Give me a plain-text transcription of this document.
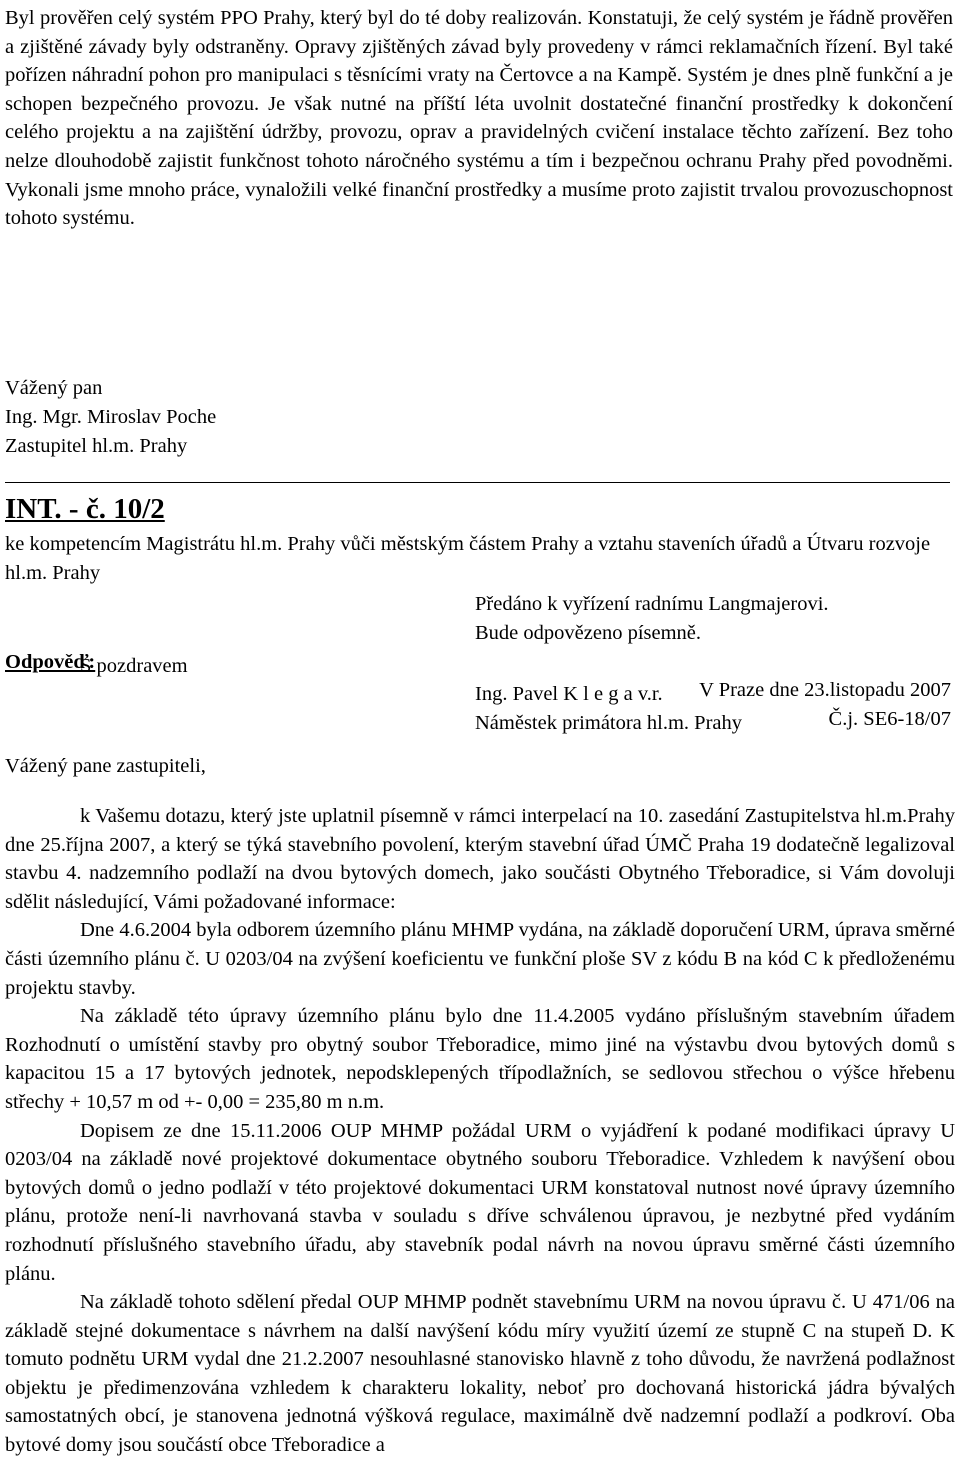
Byl prověřen celý systém PPO Prahy, který byl do té doby realizován. Konstatuji, že celý systém je řádně prověřen a zjištěné závady byly odstraněny. Opravy zjištěných závad byly provedeny v rámci reklamačních řízení. Byl také pořízen náhradní pohon pro manipulaci s těsnícími vraty na Čertovce a na Kampě. Systém je dnes plně funkční a je schopen bezpečného provozu. Je však nutné na příští léta uvolnit dostatečné finanční prostředky k dokončení celého projektu a na zajištění údržby, provozu, oprav a pravidelných cvičení instalace těchto zařízení. Bez toho nelze dlouhodobě zajistit funkčnost tohoto náročného systému a tím i bezpečnou ochranu Prahy před povodněmi. Vykonali jsme mnoho práce, vynaložili velké finanční prostředky a musíme proto zajistit trvalou provozuschopnost tohoto systému.

S pozdravem
Ing. Pavel K l e g a v.r.
Náměstek primátora hl.m. Prahy
Vážený pan
Ing. Mgr. Miroslav Poche
Zastupitel hl.m. Prahy
INT. - č. 10/2
ke kompetencím Magistrátu hl.m. Prahy vůči městským částem Prahy a vztahu staveních úřadů a Útvaru rozvoje hl.m. Prahy
Předáno k vyřízení radnímu Langmajerovi.
Bude odpovězeno písemně.
Odpověď:
V Praze dne 23.listopadu 2007
Č.j. SE6-18/07
Vážený pane zastupiteli,

k Vašemu dotazu, který jste uplatnil písemně v rámci interpelací na 10. zasedání Zastupitelstva hl.m.Prahy dne 25.října 2007, a který se týká stavebního povolení, kterým stavební úřad ÚMČ Praha 19 dodatečně legalizoval stavbu 4. nadzemního podlaží na dvou bytových domech, jako součásti Obytného Třeboradice, si Vám dovoluji sdělit následující, Vámi požadované informace:

Dne 4.6.2004 byla odborem územního plánu MHMP vydána, na základě doporučení URM, úprava směrné části územního plánu č. U 0203/04 na zvýšení koeficientu ve funkční ploše SV z kódu B na kód C k předloženému projektu stavby.

Na základě této úpravy územního plánu bylo dne 11.4.2005 vydáno příslušným stavebním úřadem Rozhodnutí o umístění stavby pro obytný soubor Třeboradice, mimo jiné na výstavbu dvou bytových domů s kapacitou 15 a 17 bytových jednotek, nepodsklepených třípodlažních, se sedlovou střechou o výšce hřebenu střechy + 10,57 m od +- 0,00 = 235,80 m n.m.

Dopisem ze dne 15.11.2006 OUP MHMP požádal URM o vyjádření k podané modifikaci úpravy U 0203/04 na základě nové projektové dokumentace obytného souboru Třeboradice. Vzhledem k navýšení obou bytových domů o jedno podlaží v této projektové dokumentaci URM konstatoval nutnost nové úpravy územního plánu, protože není-li navrhovaná stavba v souladu s dříve schválenou úpravou, je nezbytné před vydáním rozhodnutí příslušného stavebního úřadu, aby stavebník podal návrh na novou úpravu směrné části územního plánu.

Na základě tohoto sdělení předal OUP MHMP podnět stavebnímu URM na novou úpravu č. U 471/06 na základě stejné dokumentace s návrhem na další navýšení kódu míry využití území ze stupně C na stupeň D. K tomuto podnětu URM vydal dne 21.2.2007 nesouhlasné stanovisko hlavně z toho důvodu, že navržená podlažnost objektu je předimenzována vzhledem k charakteru lokality, neboť pro dochovaná historická jádra bývalých samostatných obcí, je stanovena jednotná výšková regulace, maximálně dvě nadzemní podlaží a podkroví. Oba bytové domy jsou součástí obce Třeboradice a
